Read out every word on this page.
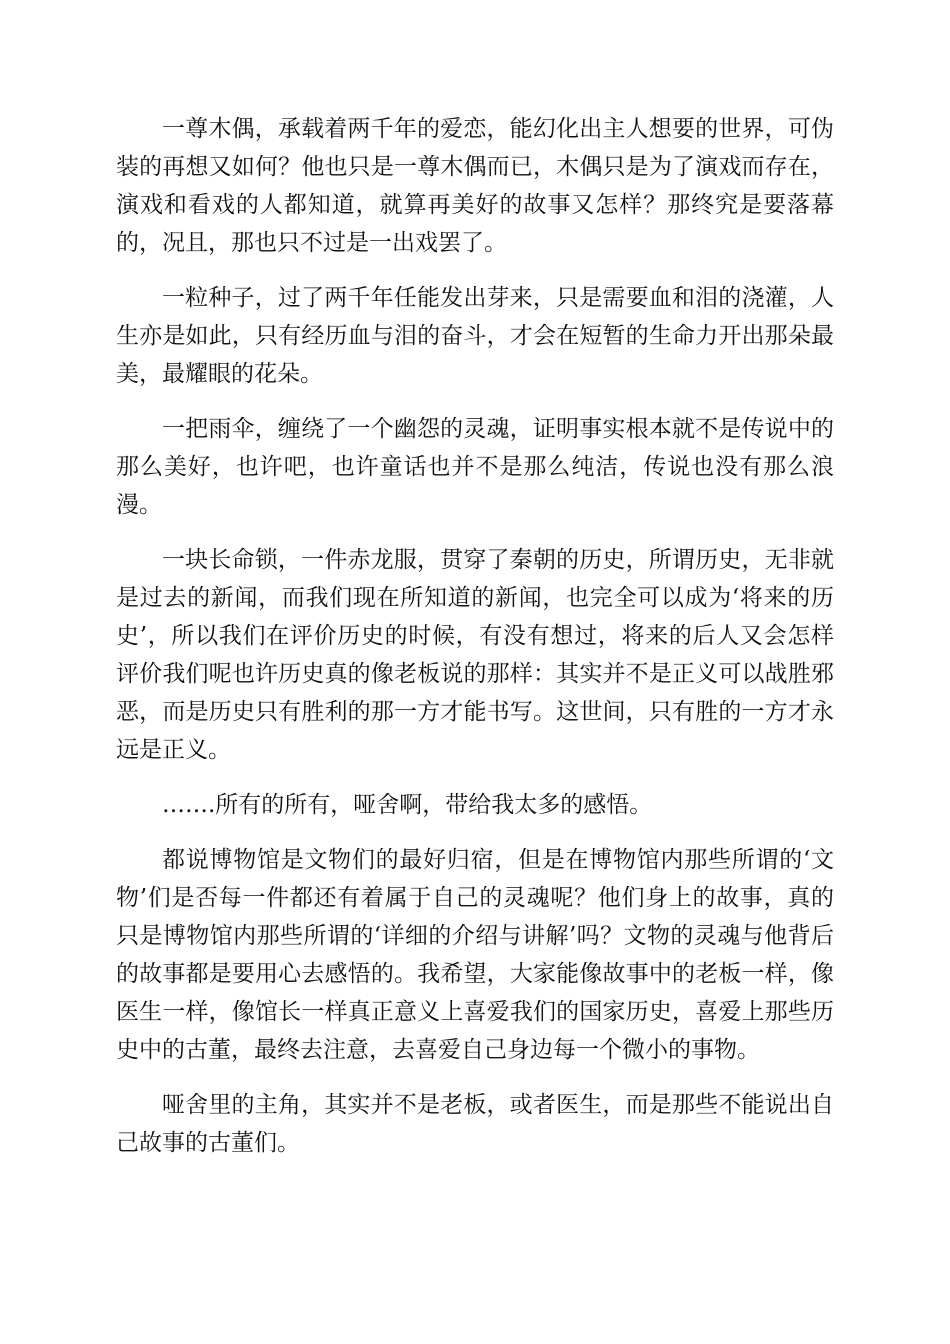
一尊木偶，承载着两千年的爱恋，能幻化出主人想要的世界，可伪装的再想又如何？他也只是一尊木偶而已，木偶只是为了演戏而存在，演戏和看戏的人都知道，就算再美好的故事又怎样？那终究是要落幕的，况且，那也只不过是一出戏罢了。

一粒种子，过了两千年任能发出芽来，只是需要血和泪的浇灌，人生亦是如此，只有经历血与泪的奋斗，才会在短暂的生命力开出那朵最美，最耀眼的花朵。

一把雨伞，缠绕了一个幽怨的灵魂，证明事实根本就不是传说中的那么美好，也许吧，也许童话也并不是那么纯洁，传说也没有那么浪漫。

一块长命锁，一件赤龙服，贯穿了秦朝的历史，所谓历史，无非就是过去的新闻，而我们现在所知道的新闻，也完全可以成为‘将来的历史’，所以我们在评价历史的时候，有没有想过，将来的后人又会怎样评价我们呢也许历史真的像老板说的那样：其实并不是正义可以战胜邪恶，而是历史只有胜利的那一方才能书写。这世间，只有胜的一方才永远是正义。

…….所有的所有，哑舍啊，带给我太多的感悟。

都说博物馆是文物们的最好归宿，但是在博物馆内那些所谓的‘文物’们是否每一件都还有着属于自己的灵魂呢？他们身上的故事，真的只是博物馆内那些所谓的‘详细的介绍与讲解’吗？文物的灵魂与他背后的故事都是要用心去感悟的。我希望，大家能像故事中的老板一样，像医生一样，像馆长一样真正意义上喜爱我们的国家历史，喜爱上那些历史中的古董，最终去注意，去喜爱自己身边每一个微小的事物。

哑舍里的主角，其实并不是老板，或者医生，而是那些不能说出自己故事的古董们。
